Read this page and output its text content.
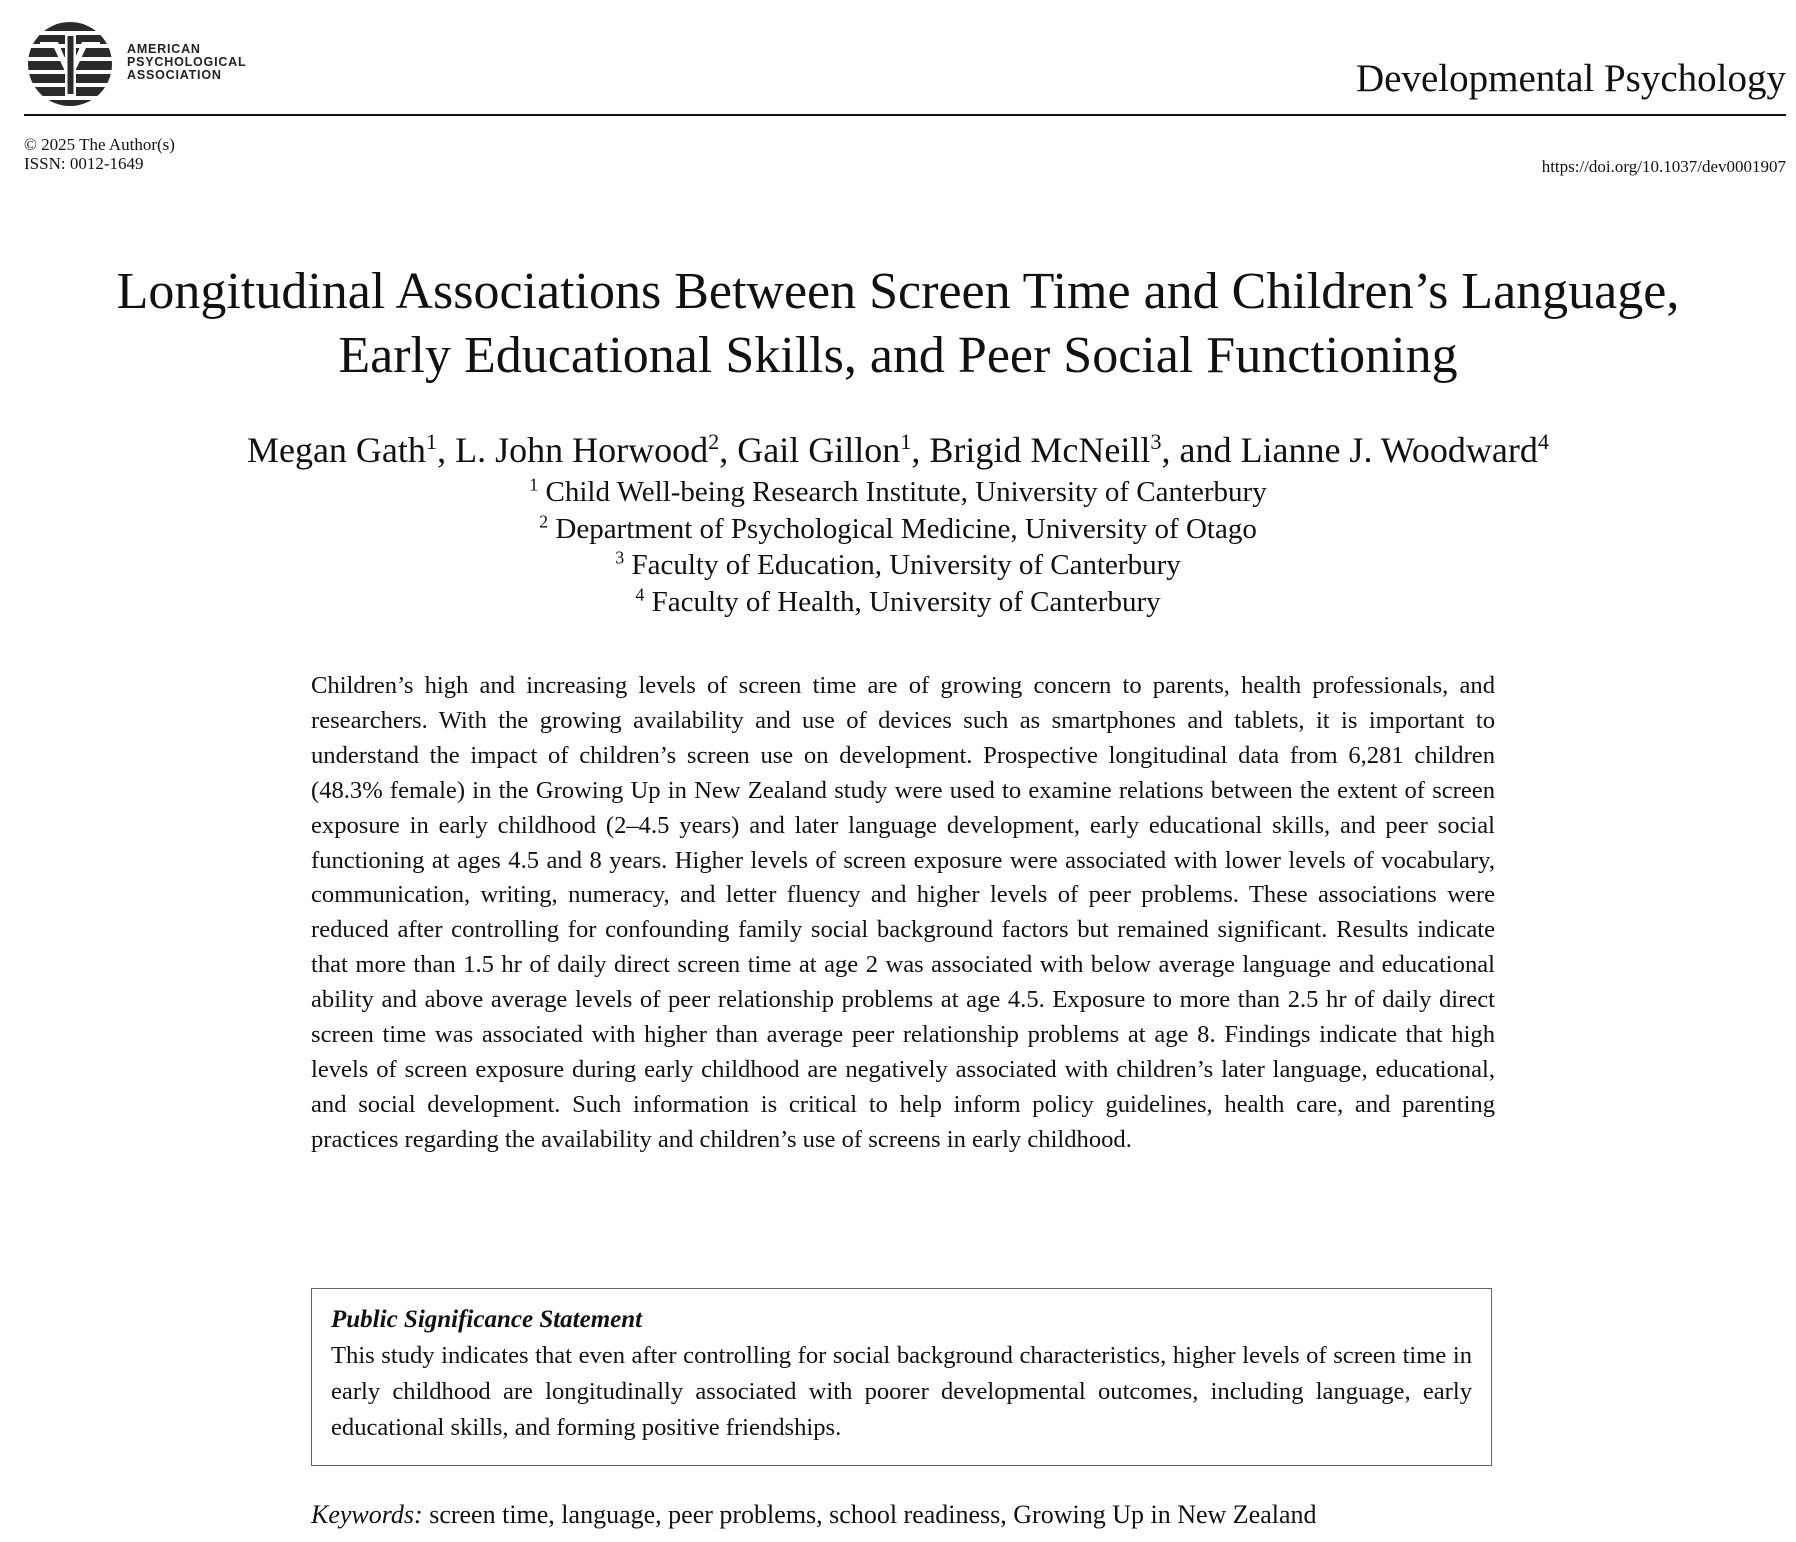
AMERICAN
PSYCHOLOGICAL
ASSOCIATION	Developmental Psychology
© 2025 The Author(s)
ISSN: 0012-1649	https://doi.org/10.1037/dev0001907
Longitudinal Associations Between Screen Time and Children’s Language,
Early Educational Skills, and Peer Social Functioning
Megan Gath$^1$, L. John Horwood$^2$, Gail Gillon$^1$, Brigid McNeill$^3$, and Lianne J. Woodward$^4$
$^1$ Child Well-being Research Institute, University of Canterbury
$^2$ Department of Psychological Medicine, University of Otago
$^3$ Faculty of Education, University of Canterbury
$^4$ Faculty of Health, University of Canterbury

Children’s high and increasing levels of screen time are of growing concern to parents, health professionals, and researchers. With the growing availability and use of devices such as smartphones and tablets, it is important to understand the impact of children’s screen use on development. Prospective longitudinal data from 6,281 children (48.3% female) in the Growing Up in New Zealand study were used to examine relations between the extent of screen exposure in early childhood (2–4.5 years) and later language development, early educational skills, and peer social functioning at ages 4.5 and 8 years. Higher levels of screen exposure were associated with lower levels of vocabulary, communication, writing, numeracy, and letter fluency and higher levels of peer problems. These associations were reduced after controlling for confounding family social background factors but remained significant. Results indicate that more than 1.5 hr of daily direct screen time at age 2 was associated with below average language and educational ability and above average levels of peer relationship problems at age 4.5. Exposure to more than 2.5 hr of daily direct screen time was associated with higher than average peer relationship problems at age 8. Findings indicate that high levels of screen exposure during early childhood are negatively associated with children’s later language, educational, and social development. Such information is critical to help inform policy guidelines, health care, and parenting practices regarding the availability and children’s use of screens in early childhood.

Public Significance Statement

This study indicates that even after controlling for social background characteristics, higher levels of screen time in early childhood are longitudinally associated with poorer developmental outcomes, including language, early educational skills, and forming positive friendships.

Keywords: screen time, language, peer problems, school readiness, Growing Up in New Zealand
